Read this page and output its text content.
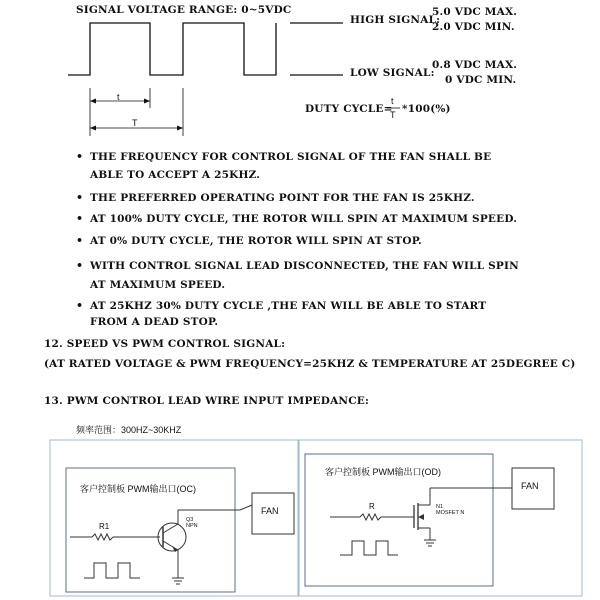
SIGNAL VOLTAGE RANGE: 0~5VDC
HIGH SIGNAL:
5.0 VDC MAX.
2.0 VDC MIN.
LOW SIGNAL:
0.8 VDC MAX.
0 VDC MIN.
t
T
DUTY CYCLE=
t
T *100(%)
• THE FREQUENCY FOR CONTROL SIGNAL OF THE FAN SHALL BE
ABLE TO ACCEPT A 25KHZ.
• THE PREFERRED OPERATING POINT FOR THE FAN IS 25KHZ.
• AT 100% DUTY CYCLE, THE ROTOR WILL SPIN AT MAXIMUM SPEED.
• AT 0% DUTY CYCLE, THE ROTOR WILL SPIN AT STOP.
• WITH CONTROL SIGNAL LEAD DISCONNECTED, THE FAN WILL SPIN
AT MAXIMUM SPEED.
• AT 25KHZ 30% DUTY CYCLE ,THE FAN WILL BE ABLE TO START
FROM A DEAD STOP.
12. SPEED VS PWM CONTROL SIGNAL:
(AT RATED VOLTAGE & PWM FREQUENCY=25KHZ & TEMPERATURE AT 25DEGREE C)
13. PWM CONTROL LEAD WIRE INPUT IMPEDANCE:
频率范围：300HZ~30KHZ
客户控制板 PWM输出口(OC)
客户控制板 PWM输出口(OD)
FAN
FAN
R1
Q3
NPN
R	N1
MOSFET N
